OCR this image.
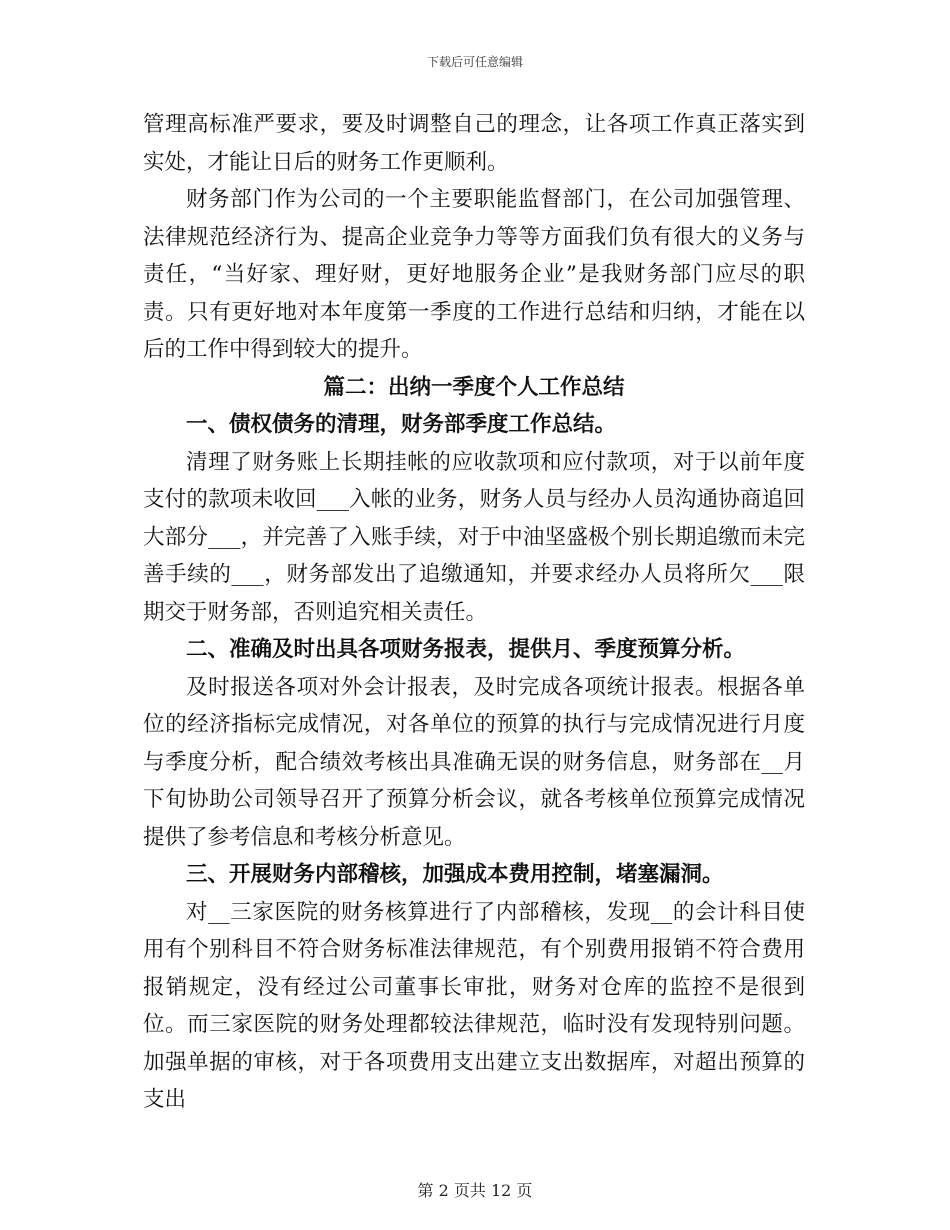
下载后可任意编辑

管理高标准严要求，要及时调整自己的理念，让各项工作真正落实到实处，才能让日后的财务工作更顺利。

财务部门作为公司的一个主要职能监督部门，在公司加强管理、法律规范经济行为、提高企业竞争力等等方面我们负有很大的义务与责任，“当好家、理好财，更好地服务企业”是我财务部门应尽的职责。只有更好地对本年度第一季度的工作进行总结和归纳，才能在以后的工作中得到较大的提升。

篇二：出纳一季度个人工作总结

一、债权债务的清理，财务部季度工作总结。

清理了财务账上长期挂帐的应收款项和应付款项，对于以前年度支付的款项未收回___入帐的业务，财务人员与经办人员沟通协商追回大部分___，并完善了入账手续，对于中油坚盛极个别长期追缴而未完善手续的___，财务部发出了追缴通知，并要求经办人员将所欠___限期交于财务部，否则追究相关责任。

二、准确及时出具各项财务报表，提供月、季度预算分析。

及时报送各项对外会计报表，及时完成各项统计报表。根据各单位的经济指标完成情况，对各单位的预算的执行与完成情况进行月度与季度分析，配合绩效考核出具准确无误的财务信息，财务部在__月下旬协助公司领导召开了预算分析会议，就各考核单位预算完成情况提供了参考信息和考核分析意见。

三、开展财务内部稽核，加强成本费用控制，堵塞漏洞。

对__三家医院的财务核算进行了内部稽核，发现__的会计科目使用有个别科目不符合财务标准法律规范，有个别费用报销不符合费用报销规定，没有经过公司董事长审批，财务对仓库的监控不是很到位。而三家医院的财务处理都较法律规范，临时没有发现特别问题。加强单据的审核，对于各项费用支出建立支出数据库，对超出预算的支出

第 2 页共 12 页
